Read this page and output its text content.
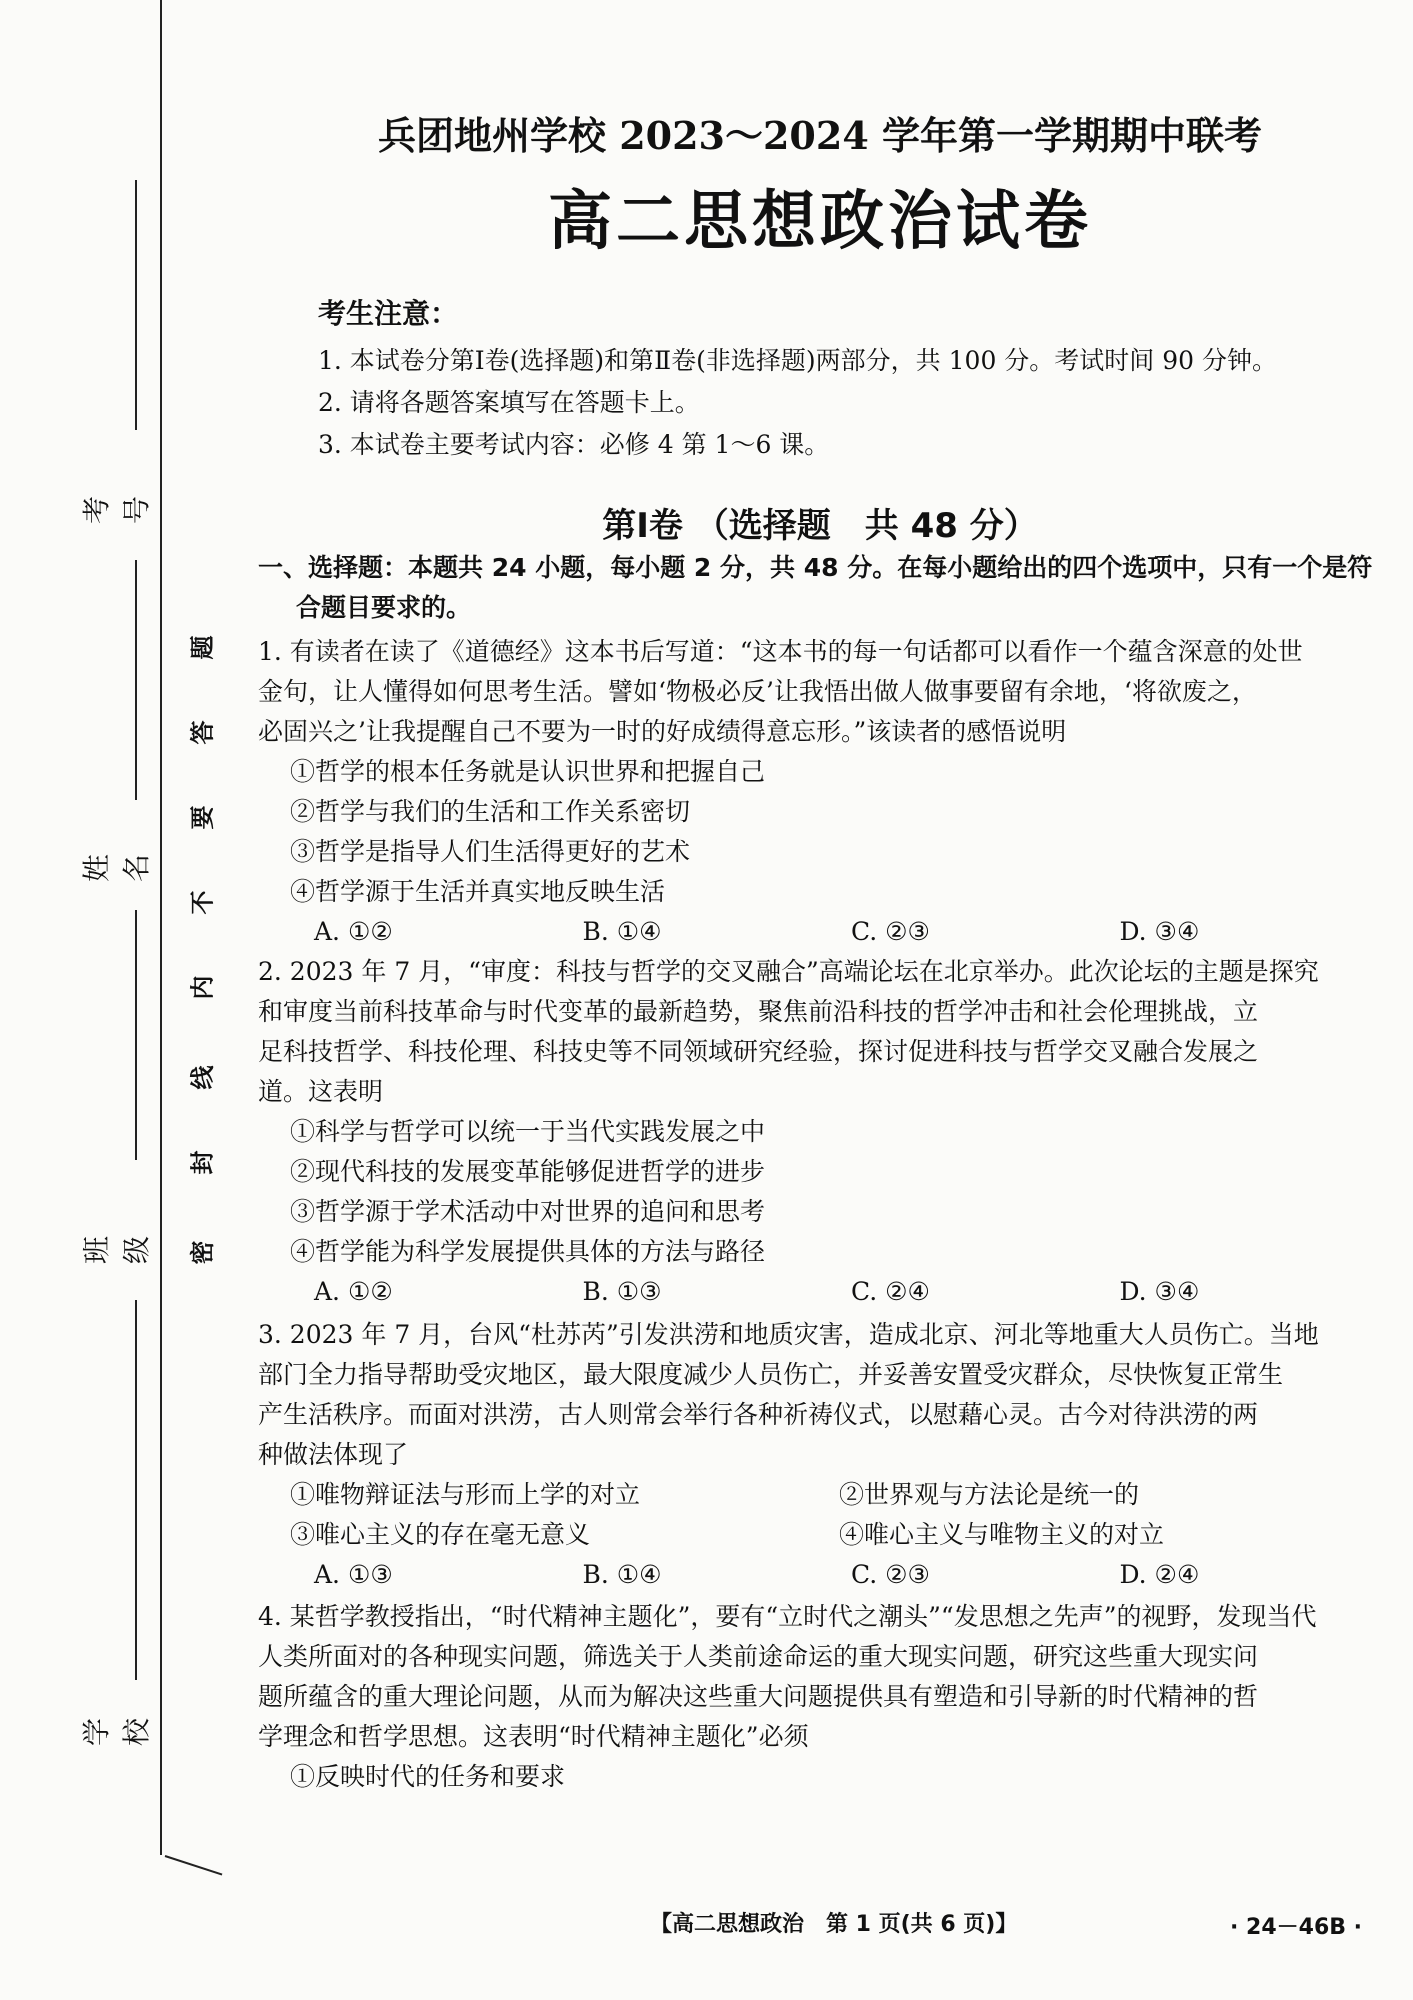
考号
姓名
班级
学校
题
答
要
不
内
线
封
密
兵团地州学校 2023～2024 学年第一学期期中联考
高二思想政治试卷
考生注意：
1. 本试卷分第Ⅰ卷(选择题)和第Ⅱ卷(非选择题)两部分，共 100 分。考试时间 90 分钟。
2. 请将各题答案填写在答题卡上。
3. 本试卷主要考试内容：必修 4 第 1～6 课。
第Ⅰ卷 （选择题　共 48 分）
一、选择题：本题共 24 小题，每小题 2 分，共 48 分。在每小题给出的四个选项中，只有一个是符
合题目要求的。
1. 有读者在读了《道德经》这本书后写道：“这本书的每一句话都可以看作一个蕴含深意的处世
金句，让人懂得如何思考生活。譬如‘物极必反’让我悟出做人做事要留有余地，‘将欲废之，
必固兴之’让我提醒自己不要为一时的好成绩得意忘形。”该读者的感悟说明
①哲学的根本任务就是认识世界和把握自己
②哲学与我们的生活和工作关系密切
③哲学是指导人们生活得更好的艺术
④哲学源于生活并真实地反映生活
A. ①②	B. ①④	C. ②③	D. ③④
2. 2023 年 7 月，“审度：科技与哲学的交叉融合”高端论坛在北京举办。此次论坛的主题是探究
和审度当前科技革命与时代变革的最新趋势，聚焦前沿科技的哲学冲击和社会伦理挑战，立
足科技哲学、科技伦理、科技史等不同领域研究经验，探讨促进科技与哲学交叉融合发展之
道。这表明
①科学与哲学可以统一于当代实践发展之中
②现代科技的发展变革能够促进哲学的进步
③哲学源于学术活动中对世界的追问和思考
④哲学能为科学发展提供具体的方法与路径
A. ①②	B. ①③	C. ②④	D. ③④
3. 2023 年 7 月，台风“杜苏芮”引发洪涝和地质灾害，造成北京、河北等地重大人员伤亡。当地
部门全力指导帮助受灾地区，最大限度减少人员伤亡，并妥善安置受灾群众，尽快恢复正常生
产生活秩序。而面对洪涝，古人则常会举行各种祈祷仪式，以慰藉心灵。古今对待洪涝的两
种做法体现了
①唯物辩证法与形而上学的对立	②世界观与方法论是统一的
③唯心主义的存在毫无意义	④唯心主义与唯物主义的对立
A. ①③	B. ①④	C. ②③	D. ②④
4. 某哲学教授指出，“时代精神主题化”，要有“立时代之潮头”“发思想之先声”的视野，发现当代
人类所面对的各种现实问题，筛选关于人类前途命运的重大现实问题，研究这些重大现实问
题所蕴含的重大理论问题，从而为解决这些重大问题提供具有塑造和引导新的时代精神的哲
学理念和哲学思想。这表明“时代精神主题化”必须
①反映时代的任务和要求
【高二思想政治　第 1 页(共 6 页)】	· 24－46B ·
